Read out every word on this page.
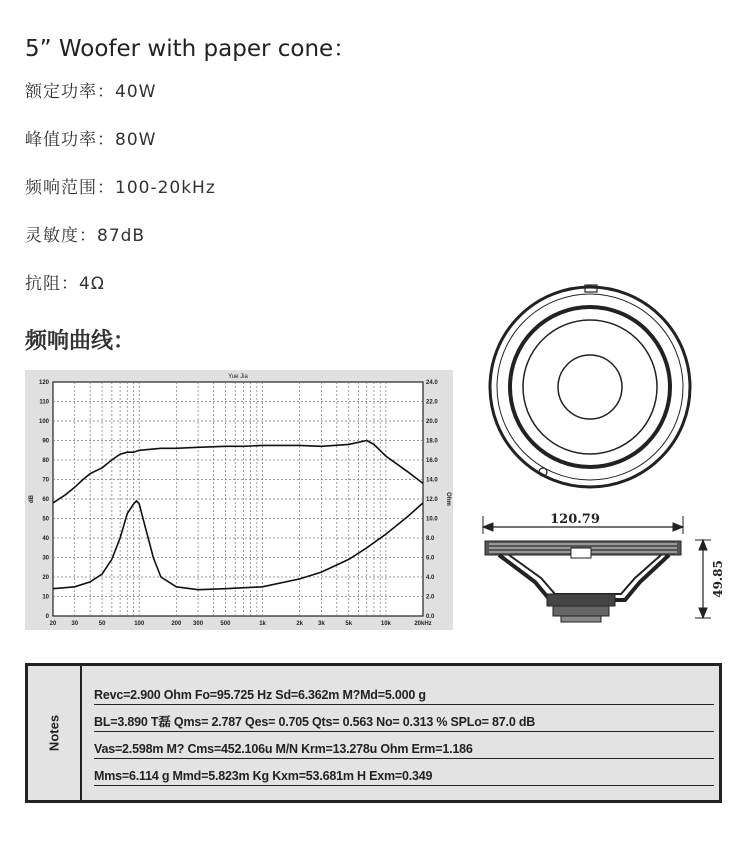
5” Woofer with paper cone：
额定功率：40W
峰值功率：80W
频响范围：100-20kHz
灵敏度：87dB
抗阻：4Ω
频响曲线：
Yue Jia
20	30	50	100	200 300	500	1k	2k	3k	5k	10k	20kHz
0
10
20
30
40
50
60
70
80
90
100
110
120
0.0
2.0
4.0
6.0
8.0
10.0
12.0
14.0
16.0
18.0
20.0
22.0
24.0
dB	Ohm
120.79
49.85
Notes
Revc=2.900 Ohm Fo=95.725 Hz Sd=6.362m M?Md=5.000 g
BL=3.890 T磊 Qms= 2.787 Qes= 0.705 Qts= 0.563 No= 0.313 % SPLo= 87.0 dB
Vas=2.598m M? Cms=452.106u M/N Krm=13.278u Ohm Erm=1.186
Mms=6.114 g Mmd=5.823m Kg Kxm=53.681m H Exm=0.349
